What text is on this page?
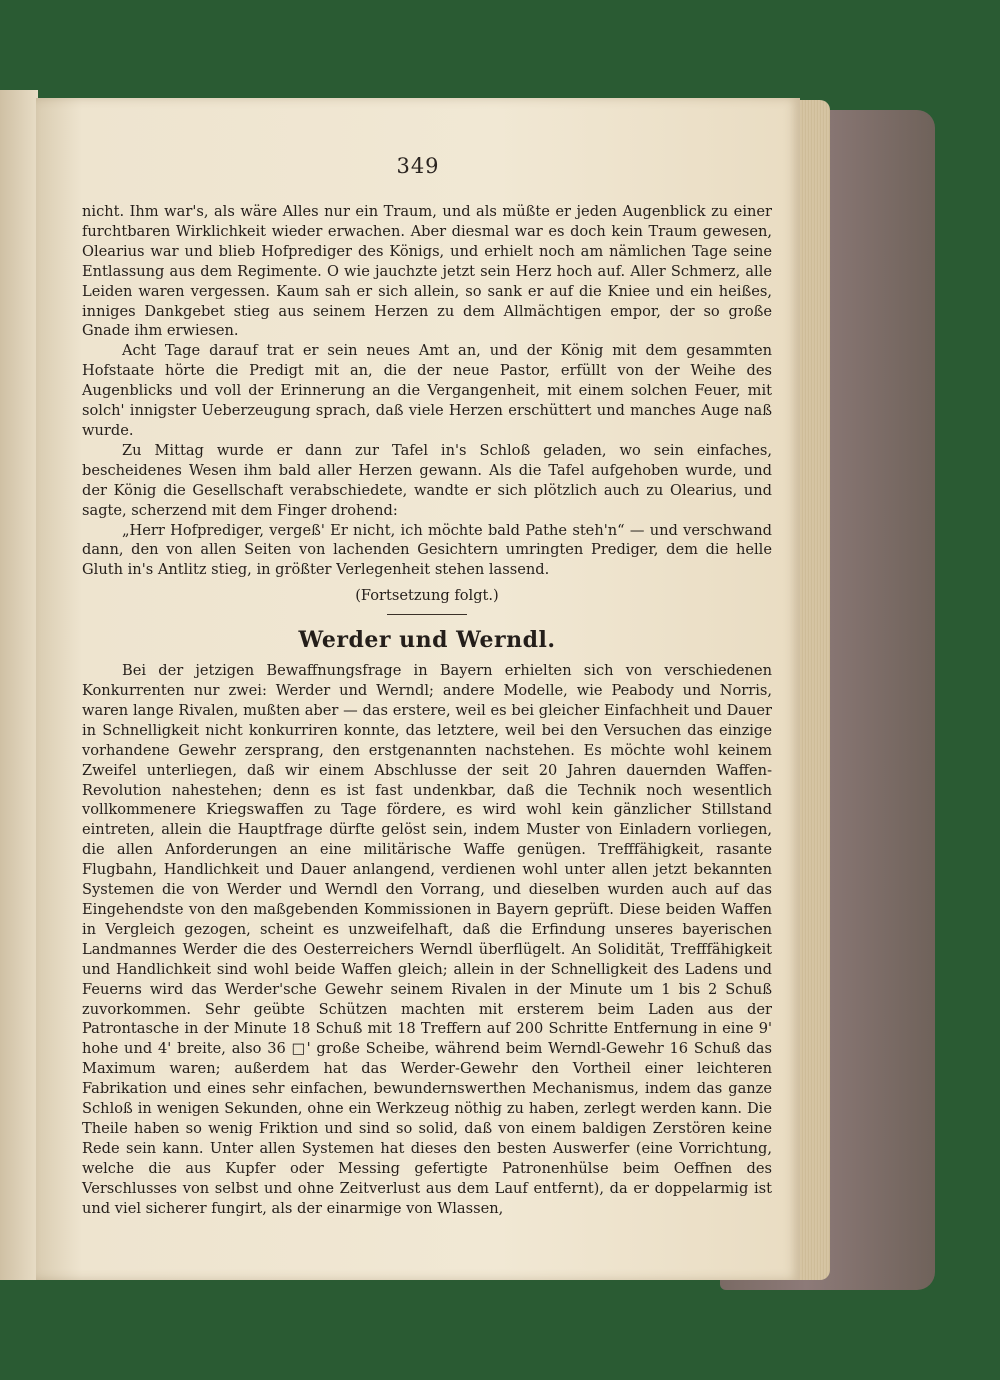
349

nicht. Ihm war's, als wäre Alles nur ein Traum, und als müßte er jeden Augenblick zu einer furchtbaren Wirklichkeit wieder erwachen. Aber diesmal war es doch kein Traum gewesen, Olearius war und blieb Hofprediger des Königs, und erhielt noch am nämlichen Tage seine Entlassung aus dem Regimente. O wie jauchzte jetzt sein Herz hoch auf. Aller Schmerz, alle Leiden waren vergessen. Kaum sah er sich allein, so sank er auf die Kniee und ein heißes, inniges Dankgebet stieg aus seinem Herzen zu dem Allmächtigen empor, der so große Gnade ihm erwiesen.

Acht Tage darauf trat er sein neues Amt an, und der König mit dem gesammten Hofstaate hörte die Predigt mit an, die der neue Pastor, erfüllt von der Weihe des Augenblicks und voll der Erinnerung an die Vergangenheit, mit einem solchen Feuer, mit solch' innigster Ueberzeugung sprach, daß viele Herzen erschüttert und manches Auge naß wurde.

Zu Mittag wurde er dann zur Tafel in's Schloß geladen, wo sein einfaches, bescheidenes Wesen ihm bald aller Herzen gewann. Als die Tafel aufgehoben wurde, und der König die Gesellschaft verabschiedete, wandte er sich plötzlich auch zu Olearius, und sagte, scherzend mit dem Finger drohend:

„Herr Hofprediger, vergeß' Er nicht, ich möchte bald Pathe steh'n“ — und verschwand dann, den von allen Seiten von lachenden Gesichtern umringten Prediger, dem die helle Gluth in's Antlitz stieg, in größter Verlegenheit stehen lassend.

(Fortsetzung folgt.)

Werder und Werndl.

Bei der jetzigen Bewaffnungsfrage in Bayern erhielten sich von verschiedenen Konkurrenten nur zwei: Werder und Werndl; andere Modelle, wie Peabody und Norris, waren lange Rivalen, mußten aber — das erstere, weil es bei gleicher Einfachheit und Dauer in Schnelligkeit nicht konkurriren konnte, das letztere, weil bei den Versuchen das einzige vorhandene Gewehr zersprang, den erstgenannten nachstehen. Es möchte wohl keinem Zweifel unterliegen, daß wir einem Abschlusse der seit 20 Jahren dauernden Waffen-Revolution nahestehen; denn es ist fast undenkbar, daß die Technik noch wesentlich vollkommenere Kriegswaffen zu Tage fördere, es wird wohl kein gänzlicher Stillstand eintreten, allein die Hauptfrage dürfte gelöst sein, indem Muster von Einladern vorliegen, die allen Anforderungen an eine militärische Waffe genügen. Trefffähigkeit, rasante Flugbahn, Handlichkeit und Dauer anlangend, verdienen wohl unter allen jetzt bekannten Systemen die von Werder und Werndl den Vorrang, und dieselben wurden auch auf das Eingehendste von den maßgebenden Kommissionen in Bayern geprüft. Diese beiden Waffen in Vergleich gezogen, scheint es unzweifelhaft, daß die Erfindung unseres bayerischen Landmannes Werder die des Oesterreichers Werndl überflügelt. An Solidität, Trefffähigkeit und Handlichkeit sind wohl beide Waffen gleich; allein in der Schnelligkeit des Ladens und Feuerns wird das Werder'sche Gewehr seinem Rivalen in der Minute um 1 bis 2 Schuß zuvorkommen. Sehr geübte Schützen machten mit ersterem beim Laden aus der Patrontasche in der Minute 18 Schuß mit 18 Treffern auf 200 Schritte Entfernung in eine 9' hohe und 4' breite, also 36 □' große Scheibe, während beim Werndl-Gewehr 16 Schuß das Maximum waren; außerdem hat das Werder-Gewehr den Vortheil einer leichteren Fabrikation und eines sehr einfachen, bewundernswerthen Mechanismus, indem das ganze Schloß in wenigen Sekunden, ohne ein Werkzeug nöthig zu haben, zerlegt werden kann. Die Theile haben so wenig Friktion und sind so solid, daß von einem baldigen Zerstören keine Rede sein kann. Unter allen Systemen hat dieses den besten Auswerfer (eine Vorrichtung, welche die aus Kupfer oder Messing gefertigte Patronenhülse beim Oeffnen des Verschlusses von selbst und ohne Zeitverlust aus dem Lauf entfernt), da er doppelarmig ist und viel sicherer fungirt, als der einarmige von Wlassen,
